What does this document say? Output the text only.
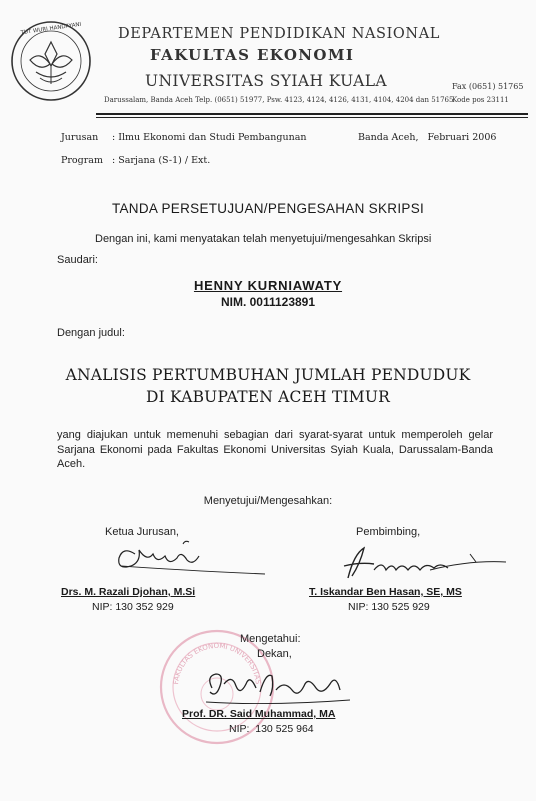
TUT WURI HANDAYANI	DEPARTEMEN PENDIDIKAN NASIONAL
FAKULTAS EKONOMI
UNIVERSITAS SYIAH KUALA	Fax (0651) 51765
Darussalam, Banda Aceh Telp. (0651) 51977, Psw. 4123, 4124, 4126, 4131, 4104, 4204 dan 51765
Kode pos 23111
Jurusan : Ilmu Ekonomi dan Studi Pembangunan	Banda Aceh,   Februari 2006
Program : Sarjana (S-1) / Ext.
TANDA PERSETUJUAN/PENGESAHAN SKRIPSI
Dengan ini, kami menyatakan telah menyetujui/mengesahkan Skripsi
Saudari:
HENNY KURNIAWATY
NIM. 0011123891
Dengan judul:
ANALISIS PERTUMBUHAN JUMLAH PENDUDUK
DI KABUPATEN ACEH TIMUR
yang diajukan untuk memenuhi sebagian dari syarat-syarat untuk memperoleh gelar Sarjana Ekonomi pada Fakultas Ekonomi Universitas Syiah Kuala, Darussalam-Banda Aceh.
Menyetujui/Mengesahkan:
Ketua Jurusan,
Drs. M. Razali Djohan, M.Si
NIP: 130 352 929
Pembimbing,
T. Iskandar Ben Hasan, SE, MS
NIP: 130 525 929
FAKULTAS EKONOMI UNIVERSITAS
Mengetahui:
Dekan,
Prof. DR. Said Muhammad, MA
NIP:  130 525 964
